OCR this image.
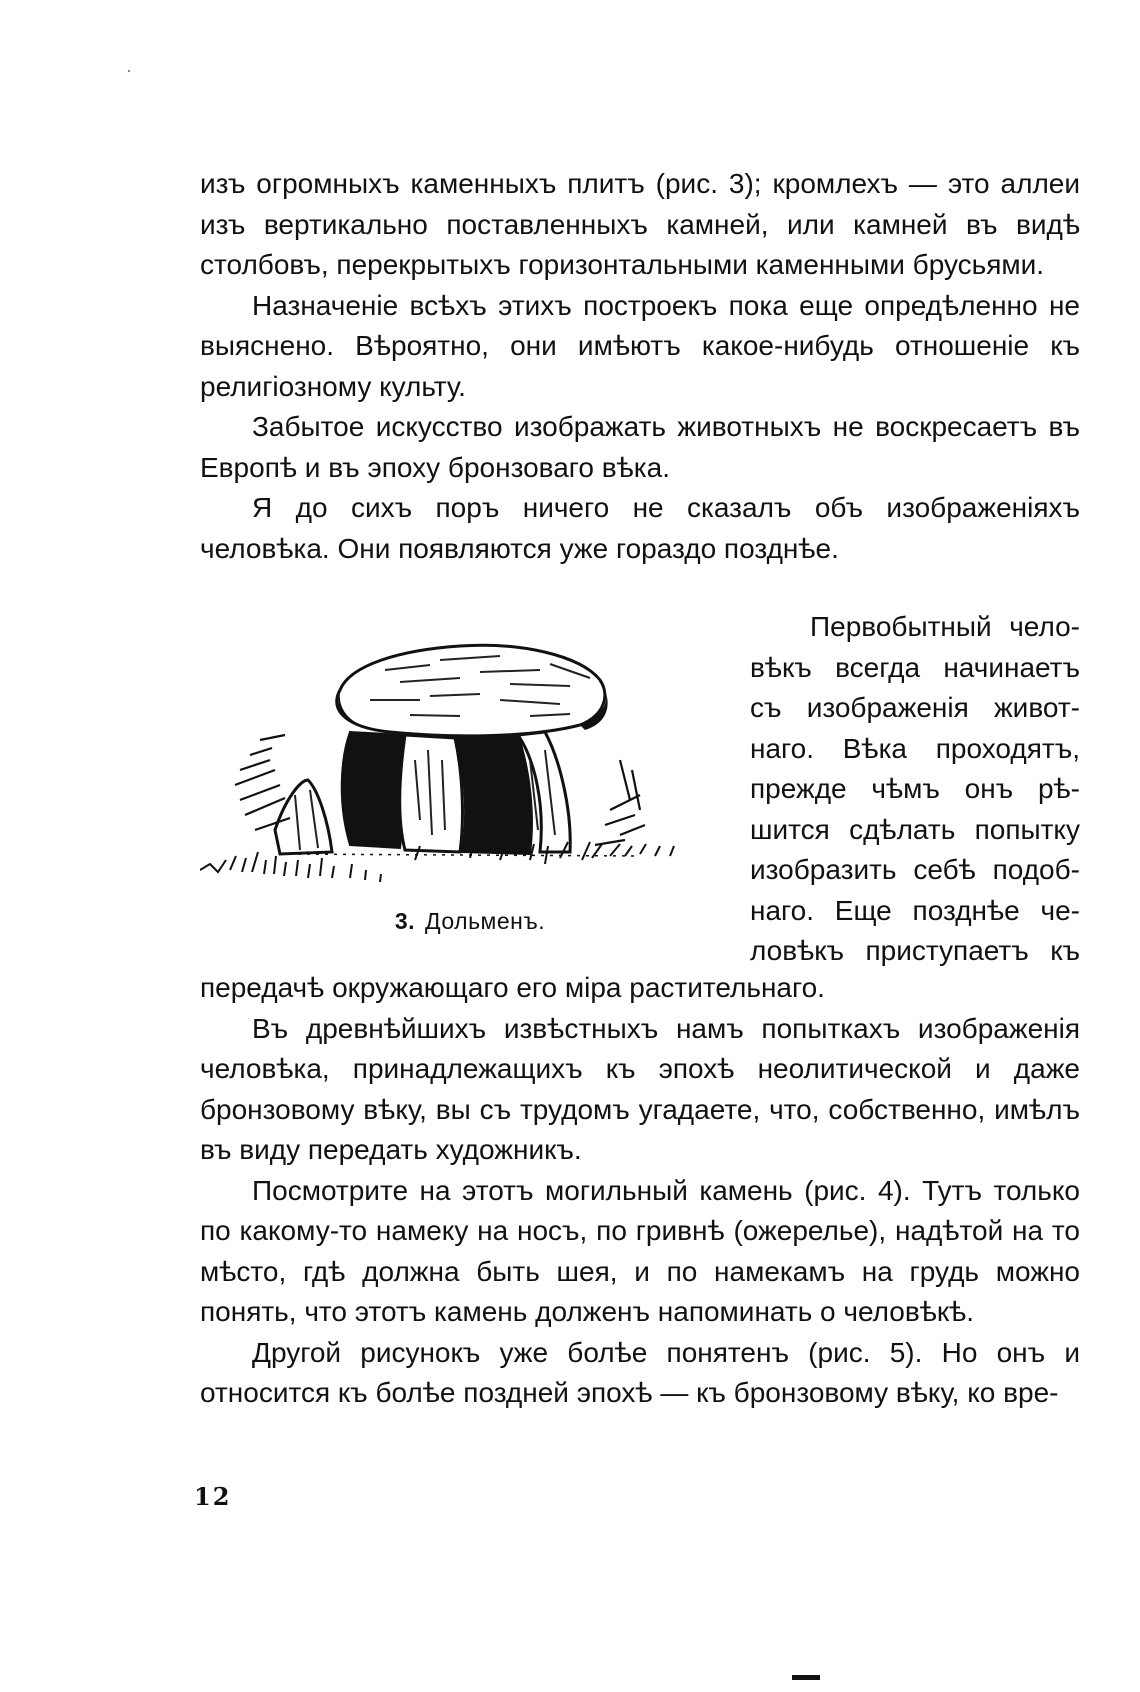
изъ огромныхъ каменныхъ плитъ (рис. 3); кромлехъ — это аллеи изъ вертикально поставленныхъ камней, или камней въ видѣ столбовъ, перекрытыхъ горизонтальными каменными брусьями.

Назначеніе всѣхъ этихъ построекъ пока еще опредѣленно не выяснено. Вѣроятно, они имѣютъ какое-нибудь отношеніе къ религіозному культу.

Забытое искусство изображать животныхъ не воскресаетъ въ Европѣ и въ эпоху бронзоваго вѣка.

Я до сихъ поръ ничего не сказалъ объ изображеніяхъ человѣка. Они появляются уже гораздо позднѣе.

3. Дольменъ.
Первобытный чело-
вѣкъ всегда начинаетъ
съ изображенія живот-
наго. Вѣка проходятъ,
прежде чѣмъ онъ рѣ-
шится сдѣлать попытку
изобразить себѣ подоб-
наго. Еще позднѣе че-
ловѣкъ приступаетъ къ

передачѣ окружающаго его міра растительнаго.

Въ древнѣйшихъ извѣстныхъ намъ попыткахъ изображенія человѣка, принадлежащихъ къ эпохѣ неолитической и даже бронзовому вѣку, вы съ трудомъ угадаете, что, собственно, имѣлъ въ виду передать художникъ.

Посмотрите на этотъ могильный камень (рис. 4). Тутъ только по какому-то намеку на носъ, по гривнѣ (ожерелье), надѣтой на то мѣсто, гдѣ должна быть шея, и по намекамъ на грудь можно понять, что этотъ камень долженъ напоминать о человѣкѣ.

Другой рисунокъ уже болѣе понятенъ (рис. 5). Но онъ и относится къ болѣе поздней эпохѣ — къ бронзовому вѣку, ко вре-

12
